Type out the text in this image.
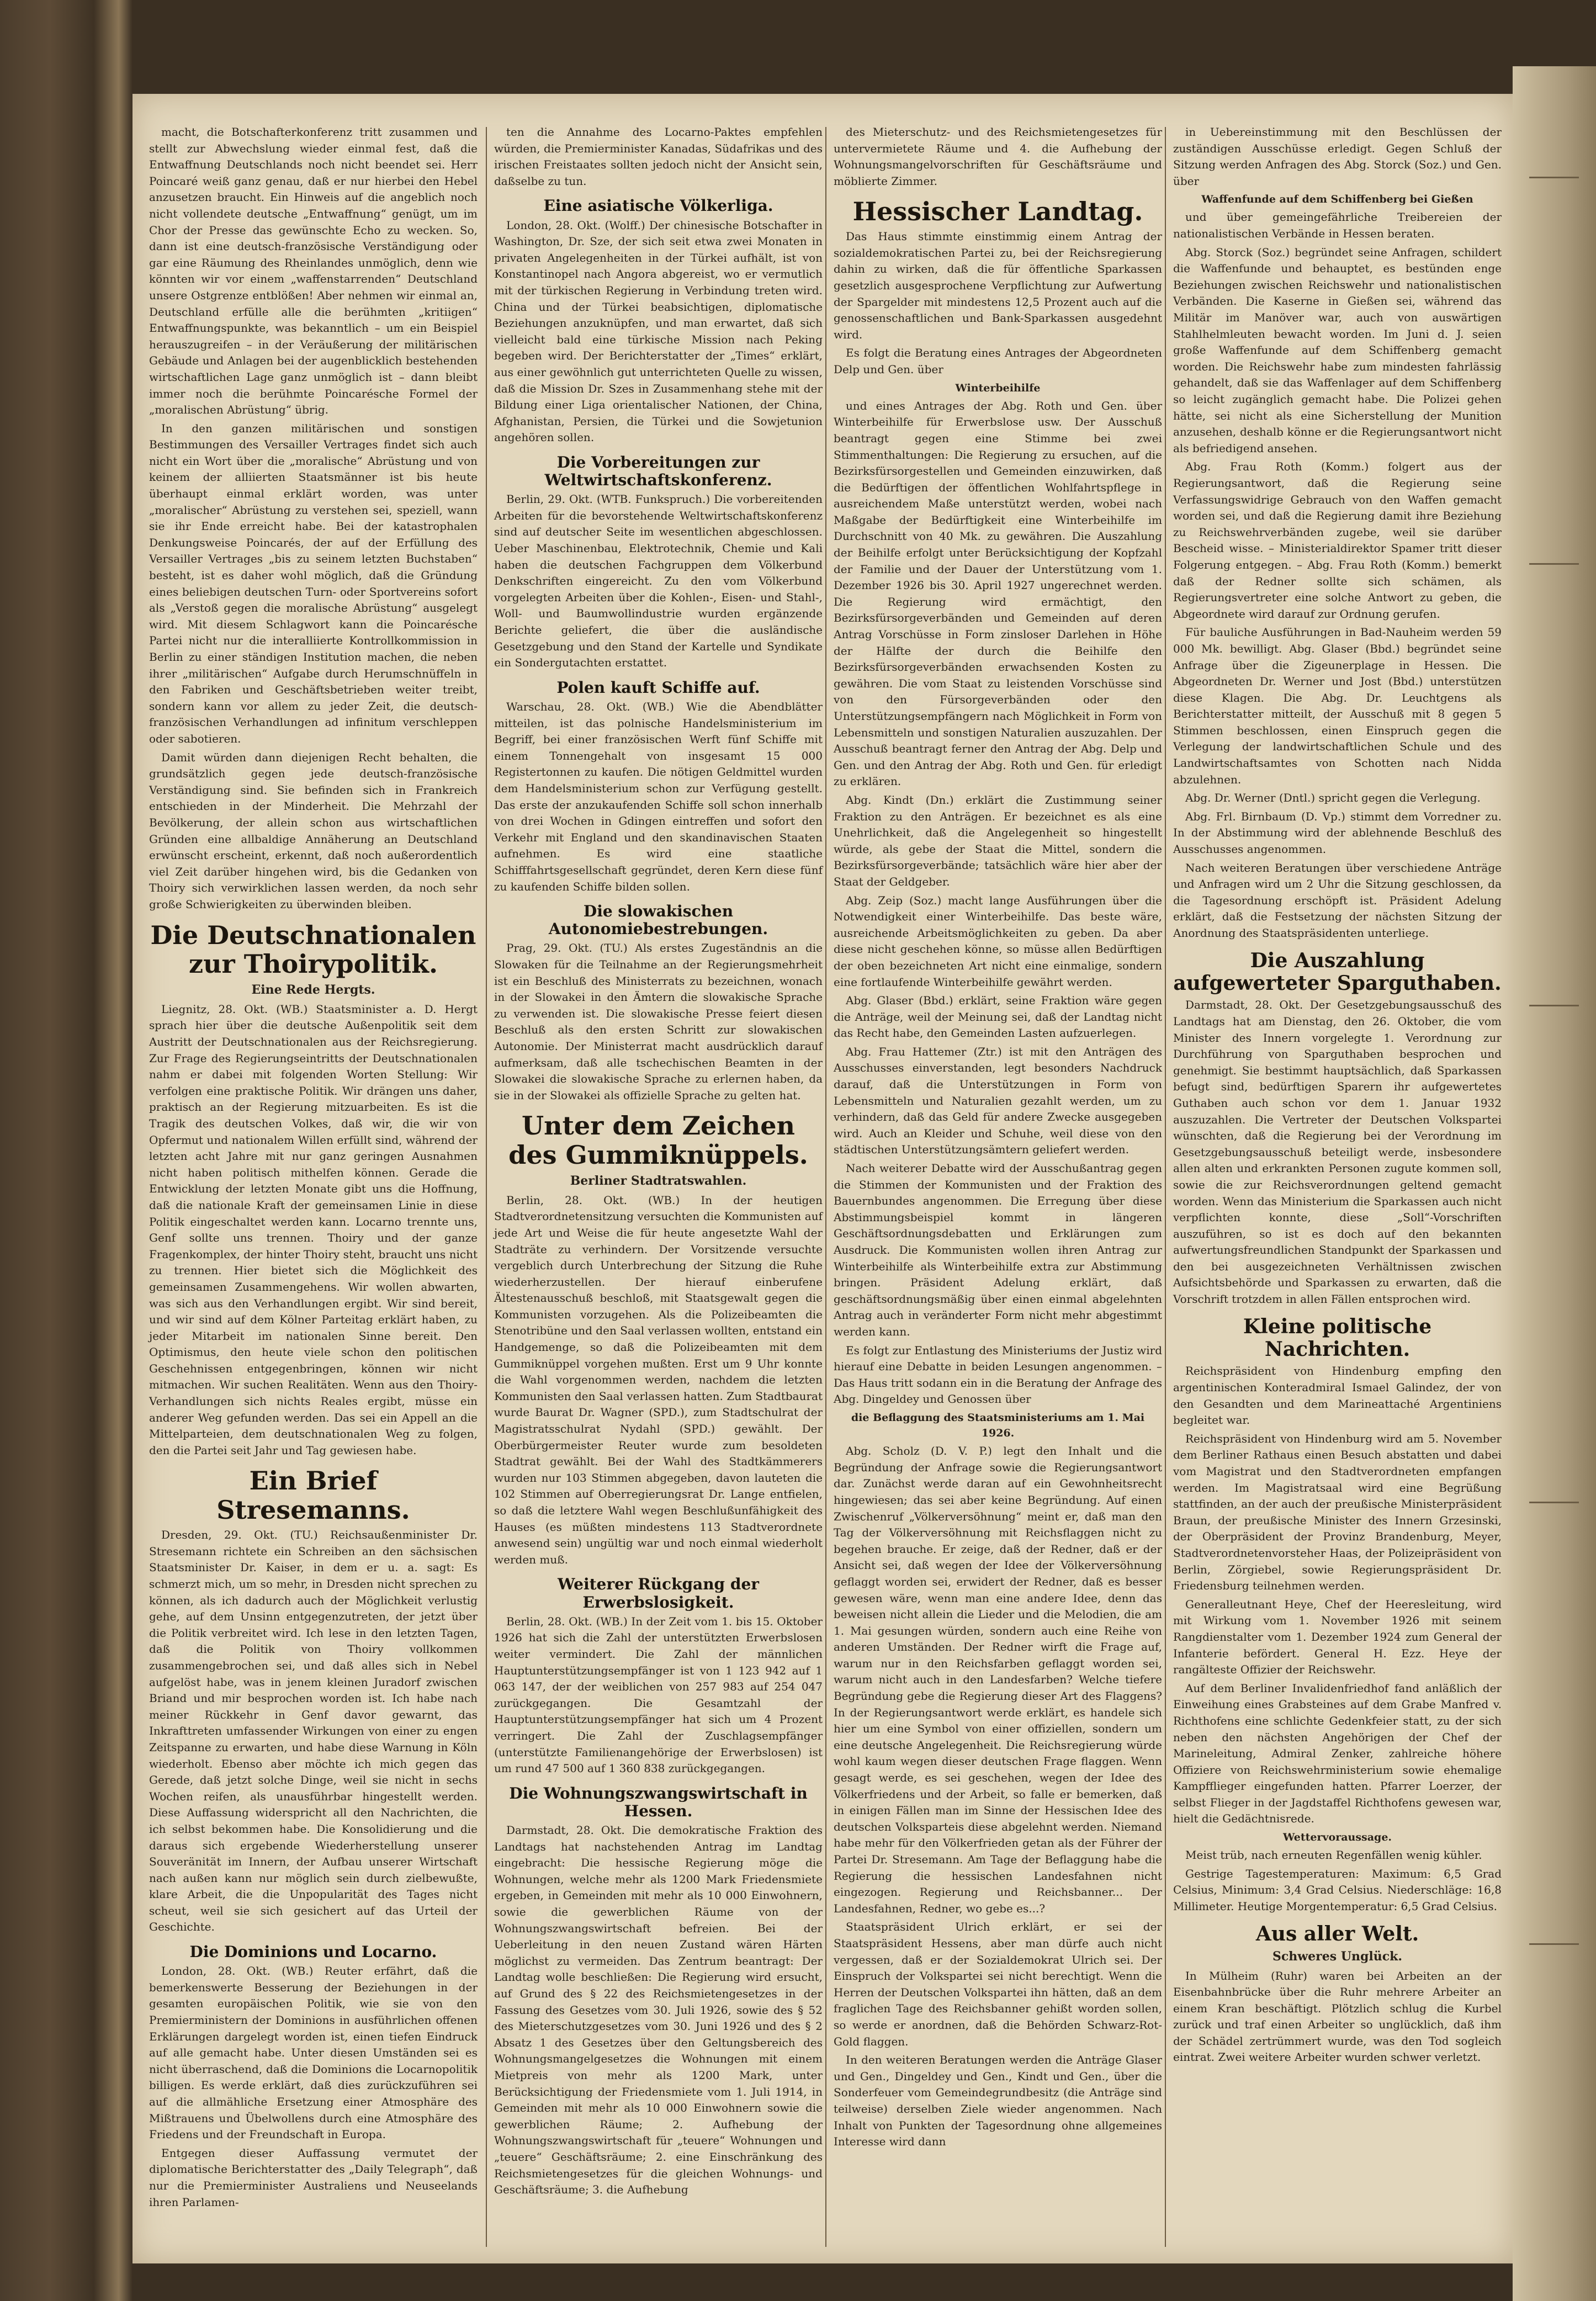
macht, die Botschafterkonferenz tritt zusammen und stellt zur Abwechslung wieder einmal fest, daß die Entwaffnung Deutschlands noch nicht beendet sei. Herr Poincaré weiß ganz genau, daß er nur hierbei den Hebel anzusetzen braucht. Ein Hinweis auf die angeblich noch nicht vollendete deutsche „Entwaffnung“ genügt, um im Chor der Presse das gewünschte Echo zu wecken. So, dann ist eine deutsch-französische Verständigung oder gar eine Räumung des Rheinlandes unmöglich, denn wie könnten wir vor einem „waffenstarrenden“ Deutschland unsere Ostgrenze entblößen! Aber nehmen wir einmal an, Deutschland erfülle alle die berühmten „kritiigen“ Entwaffnungspunkte, was bekanntlich – um ein Beispiel herauszugreifen – in der Veräußerung der militärischen Gebäude und Anlagen bei der augenblicklich bestehenden wirtschaftlichen Lage ganz unmöglich ist – dann bleibt immer noch die berühmte Poincarésche Formel der „moralischen Abrüstung“ übrig.

In den ganzen militärischen und sonstigen Bestimmungen des Versailler Vertrages findet sich auch nicht ein Wort über die „moralische“ Abrüstung und von keinem der alliierten Staatsmänner ist bis heute überhaupt einmal erklärt worden, was unter „moralischer“ Abrüstung zu verstehen sei, speziell, wann sie ihr Ende erreicht habe. Bei der katastrophalen Denkungsweise Poincarés, der auf der Erfüllung des Versailler Vertrages „bis zu seinem letzten Buchstaben“ besteht, ist es daher wohl möglich, daß die Gründung eines beliebigen deutschen Turn- oder Sportvereins sofort als „Verstoß gegen die moralische Abrüstung“ ausgelegt wird. Mit diesem Schlagwort kann die Poincarésche Partei nicht nur die interalliierte Kontrollkommission in Berlin zu einer ständigen Institution machen, die neben ihrer „militärischen“ Aufgabe durch Herumschnüffeln in den Fabriken und Geschäftsbetrieben weiter treibt, sondern kann vor allem zu jeder Zeit, die deutsch-französischen Verhandlungen ad infinitum verschleppen oder sabotieren.

Damit würden dann diejenigen Recht behalten, die grundsätzlich gegen jede deutsch-französische Verständigung sind. Sie befinden sich in Frankreich entschieden in der Minderheit. Die Mehrzahl der Bevölkerung, der allein schon aus wirtschaftlichen Gründen eine allbaldige Annäherung an Deutschland erwünscht erscheint, erkennt, daß noch außerordentlich viel Zeit darüber hingehen wird, bis die Gedanken von Thoiry sich verwirklichen lassen werden, da noch sehr große Schwierigkeiten zu überwinden bleiben.

Die Deutschnationalen zur Thoirypolitik.

Eine Rede Hergts.

Liegnitz, 28. Okt. (WB.) Staatsminister a. D. Hergt sprach hier über die deutsche Außenpolitik seit dem Austritt der Deutschnationalen aus der Reichsregierung. Zur Frage des Regierungseintritts der Deutschnationalen nahm er dabei mit folgenden Worten Stellung: Wir verfolgen eine praktische Politik. Wir drängen uns daher, praktisch an der Regierung mitzuarbeiten. Es ist die Tragik des deutschen Volkes, daß wir, die wir von Opfermut und nationalem Willen erfüllt sind, während der letzten acht Jahre mit nur ganz geringen Ausnahmen nicht haben politisch mithelfen können. Gerade die Entwicklung der letzten Monate gibt uns die Hoffnung, daß die nationale Kraft der gemeinsamen Linie in diese Politik eingeschaltet werden kann. Locarno trennte uns, Genf sollte uns trennen. Thoiry und der ganze Fragenkomplex, der hinter Thoiry steht, braucht uns nicht zu trennen. Hier bietet sich die Möglichkeit des gemeinsamen Zusammengehens. Wir wollen abwarten, was sich aus den Verhandlungen ergibt. Wir sind bereit, und wir sind auf dem Kölner Parteitag erklärt haben, zu jeder Mitarbeit im nationalen Sinne bereit. Den Optimismus, den heute viele schon den politischen Geschehnissen entgegenbringen, können wir nicht mitmachen. Wir suchen Realitäten. Wenn aus den Thoiry-Verhandlungen sich nichts Reales ergibt, müsse ein anderer Weg gefunden werden. Das sei ein Appell an die Mittelparteien, dem deutschnationalen Weg zu folgen, den die Partei seit Jahr und Tag gewiesen habe.

Ein Brief Stresemanns.

Dresden, 29. Okt. (TU.) Reichsaußenminister Dr. Stresemann richtete ein Schreiben an den sächsischen Staatsminister Dr. Kaiser, in dem er u. a. sagt: Es schmerzt mich, um so mehr, in Dresden nicht sprechen zu können, als ich dadurch auch der Möglichkeit verlustig gehe, auf dem Unsinn entgegenzutreten, der jetzt über die Politik verbreitet wird. Ich lese in den letzten Tagen, daß die Politik von Thoiry vollkommen zusammengebrochen sei, und daß alles sich in Nebel aufgelöst habe, was in jenem kleinen Juradorf zwischen Briand und mir besprochen worden ist. Ich habe nach meiner Rückkehr in Genf davor gewarnt, das Inkrafttreten umfassender Wirkungen von einer zu engen Zeitspanne zu erwarten, und habe diese Warnung in Köln wiederholt. Ebenso aber möchte ich mich gegen das Gerede, daß jetzt solche Dinge, weil sie nicht in sechs Wochen reifen, als unausführbar hingestellt werden. Diese Auffassung widerspricht all den Nachrichten, die ich selbst bekommen habe. Die Konsolidierung und die daraus sich ergebende Wiederherstellung unserer Souveränität im Innern, der Aufbau unserer Wirtschaft nach außen kann nur möglich sein durch zielbewußte, klare Arbeit, die die Unpopularität des Tages nicht scheut, weil sie sich gesichert auf das Urteil der Geschichte.

Die Dominions und Locarno.

London, 28. Okt. (WB.) Reuter erfährt, daß die bemerkenswerte Besserung der Beziehungen in der gesamten europäischen Politik, wie sie von den Premierministern der Dominions in ausführlichen offenen Erklärungen dargelegt worden ist, einen tiefen Eindruck auf alle gemacht habe. Unter diesen Umständen sei es nicht überraschend, daß die Dominions die Locarnopolitik billigen. Es werde erklärt, daß dies zurückzuführen sei auf die allmähliche Ersetzung einer Atmosphäre des Mißtrauens und Übelwollens durch eine Atmosphäre des Friedens und der Freundschaft in Europa.

Entgegen dieser Auffassung vermutet der diplomatische Berichterstatter des „Daily Telegraph“, daß nur die Premierminister Australiens und Neuseelands ihren Parlamen-

ten die Annahme des Locarno-Paktes empfehlen würden, die Premierminister Kanadas, Südafrikas und des irischen Freistaates sollten jedoch nicht der Ansicht sein, daßselbe zu tun.

Eine asiatische Völkerliga.

London, 28. Okt. (Wolff.) Der chinesische Botschafter in Washington, Dr. Sze, der sich seit etwa zwei Monaten in privaten Angelegenheiten in der Türkei aufhält, ist von Konstantinopel nach Angora abgereist, wo er vermutlich mit der türkischen Regierung in Verbindung treten wird. China und der Türkei beabsichtigen, diplomatische Beziehungen anzuknüpfen, und man erwartet, daß sich vielleicht bald eine türkische Mission nach Peking begeben wird. Der Berichterstatter der „Times“ erklärt, aus einer gewöhnlich gut unterrichteten Quelle zu wissen, daß die Mission Dr. Szes in Zusammenhang stehe mit der Bildung einer Liga orientalischer Nationen, der China, Afghanistan, Persien, die Türkei und die Sowjetunion angehören sollen.

Die Vorbereitungen zur Weltwirtschaftskonferenz.

Berlin, 29. Okt. (WTB. Funkspruch.) Die vorbereitenden Arbeiten für die bevorstehende Weltwirtschaftskonferenz sind auf deutscher Seite im wesentlichen abgeschlossen. Ueber Maschinenbau, Elektrotechnik, Chemie und Kali haben die deutschen Fachgruppen dem Völkerbund Denkschriften eingereicht. Zu den vom Völkerbund vorgelegten Arbeiten über die Kohlen-, Eisen- und Stahl-, Woll- und Baumwollindustrie wurden ergänzende Berichte geliefert, die über die ausländische Gesetzgebung und den Stand der Kartelle und Syndikate ein Sondergutachten erstattet.

Polen kauft Schiffe auf.

Warschau, 28. Okt. (WB.) Wie die Abendblätter mitteilen, ist das polnische Handelsministerium im Begriff, bei einer französischen Werft fünf Schiffe mit einem Tonnengehalt von insgesamt 15 000 Registertonnen zu kaufen. Die nötigen Geldmittel wurden dem Handelsministerium schon zur Verfügung gestellt. Das erste der anzukaufenden Schiffe soll schon innerhalb von drei Wochen in Gdingen eintreffen und sofort den Verkehr mit England und den skandinavischen Staaten aufnehmen. Es wird eine staatliche Schifffahrtsgesellschaft gegründet, deren Kern diese fünf zu kaufenden Schiffe bilden sollen.

Die slowakischen Autonomiebestrebungen.

Prag, 29. Okt. (TU.) Als erstes Zugeständnis an die Slowaken für die Teilnahme an der Regierungsmehrheit ist ein Beschluß des Ministerrats zu bezeichnen, wonach in der Slowakei in den Ämtern die slowakische Sprache zu verwenden ist. Die slowakische Presse feiert diesen Beschluß als den ersten Schritt zur slowakischen Autonomie. Der Ministerrat macht ausdrücklich darauf aufmerksam, daß alle tschechischen Beamten in der Slowakei die slowakische Sprache zu erlernen haben, da sie in der Slowakei als offizielle Sprache zu gelten hat.

Unter dem Zeichen des Gummiknüppels.

Berliner Stadtratswahlen.

Berlin, 28. Okt. (WB.) In der heutigen Stadtverordnetensitzung versuchten die Kommunisten auf jede Art und Weise die für heute angesetzte Wahl der Stadträte zu verhindern. Der Vorsitzende versuchte vergeblich durch Unterbrechung der Sitzung die Ruhe wiederherzustellen. Der hierauf einberufene Ältestenausschuß beschloß, mit Staatsgewalt gegen die Kommunisten vorzugehen. Als die Polizeibeamten die Stenotribüne und den Saal verlassen wollten, entstand ein Handgemenge, so daß die Polizeibeamten mit dem Gummiknüppel vorgehen mußten. Erst um 9 Uhr konnte die Wahl vorgenommen werden, nachdem die letzten Kommunisten den Saal verlassen hatten. Zum Stadtbaurat wurde Baurat Dr. Wagner (SPD.), zum Stadtschulrat der Magistratsschulrat Nydahl (SPD.) gewählt. Der Oberbürgermeister Reuter wurde zum besoldeten Stadtrat gewählt. Bei der Wahl des Stadtkämmerers wurden nur 103 Stimmen abgegeben, davon lauteten die 102 Stimmen auf Oberregierungsrat Dr. Lange entfielen, so daß die letztere Wahl wegen Beschlußunfähigkeit des Hauses (es müßten mindestens 113 Stadtverordnete anwesend sein) ungültig war und noch einmal wiederholt werden muß.

Weiterer Rückgang der Erwerbslosigkeit.

Berlin, 28. Okt. (WB.) In der Zeit vom 1. bis 15. Oktober 1926 hat sich die Zahl der unterstützten Erwerbslosen weiter vermindert. Die Zahl der männlichen Hauptunterstützungsempfänger ist von 1 123 942 auf 1 063 147, der der weiblichen von 257 983 auf 254 047 zurückgegangen. Die Gesamtzahl der Hauptunterstützungsempfänger hat sich um 4 Prozent verringert. Die Zahl der Zuschlagsempfänger (unterstützte Familienangehörige der Erwerbslosen) ist um rund 47 500 auf 1 360 838 zurückgegangen.

Die Wohnungszwangswirtschaft in Hessen.

Darmstadt, 28. Okt. Die demokratische Fraktion des Landtags hat nachstehenden Antrag im Landtag eingebracht: Die hessische Regierung möge die Wohnungen, welche mehr als 1200 Mark Friedensmiete ergeben, in Gemeinden mit mehr als 10 000 Einwohnern, sowie die gewerblichen Räume von der Wohnungszwangswirtschaft befreien. Bei der Ueberleitung in den neuen Zustand wären Härten möglichst zu vermeiden. Das Zentrum beantragt: Der Landtag wolle beschließen: Die Regierung wird ersucht, auf Grund des § 22 des Reichsmietengesetzes in der Fassung des Gesetzes vom 30. Juli 1926, sowie des § 52 des Mieterschutzgesetzes vom 30. Juni 1926 und des § 2 Absatz 1 des Gesetzes über den Geltungsbereich des Wohnungsmangelgesetzes die Wohnungen mit einem Mietpreis von mehr als 1200 Mark, unter Berücksichtigung der Friedensmiete vom 1. Juli 1914, in Gemeinden mit mehr als 10 000 Einwohnern sowie die gewerblichen Räume; 2. Aufhebung der Wohnungszwangswirtschaft für „teuere“ Wohnungen und „teuere“ Geschäftsräume; 2. eine Einschränkung des Reichsmietengesetzes für die gleichen Wohnungs- und Geschäftsräume; 3. die Aufhebung

des Mieterschutz- und des Reichsmietengesetzes für untervermietete Räume und 4. die Aufhebung der Wohnungsmangelvorschriften für Geschäftsräume und möblierte Zimmer.

Hessischer Landtag.

Das Haus stimmte einstimmig einem Antrag der sozialdemokratischen Partei zu, bei der Reichsregierung dahin zu wirken, daß die für öffentliche Sparkassen gesetzlich ausgesprochene Verpflichtung zur Aufwertung der Spargelder mit mindestens 12,5 Prozent auch auf die genossenschaftlichen und Bank-Sparkassen ausgedehnt wird.

Es folgt die Beratung eines Antrages der Abgeordneten Delp und Gen. über

Winterbeihilfe

und eines Antrages der Abg. Roth und Gen. über Winterbeihilfe für Erwerbslose usw. Der Ausschuß beantragt gegen eine Stimme bei zwei Stimmenthaltungen: Die Regierung zu ersuchen, auf die Bezirksfürsorgestellen und Gemeinden einzuwirken, daß die Bedürftigen der öffentlichen Wohlfahrtspflege in ausreichendem Maße unterstützt werden, wobei nach Maßgabe der Bedürftigkeit eine Winterbeihilfe im Durchschnitt von 40 Mk. zu gewähren. Die Auszahlung der Beihilfe erfolgt unter Berücksichtigung der Kopfzahl der Familie und der Dauer der Unterstützung vom 1. Dezember 1926 bis 30. April 1927 ungerechnet werden. Die Regierung wird ermächtigt, den Bezirksfürsorgeverbänden und Gemeinden auf deren Antrag Vorschüsse in Form zinsloser Darlehen in Höhe der Hälfte der durch die Beihilfe den Bezirksfürsorgeverbänden erwachsenden Kosten zu gewähren. Die vom Staat zu leistenden Vorschüsse sind von den Fürsorgeverbänden oder den Unterstützungsempfängern nach Möglichkeit in Form von Lebensmitteln und sonstigen Naturalien auszuzahlen. Der Ausschuß beantragt ferner den Antrag der Abg. Delp und Gen. und den Antrag der Abg. Roth und Gen. für erledigt zu erklären.

Abg. Kindt (Dn.) erklärt die Zustimmung seiner Fraktion zu den Anträgen. Er bezeichnet es als eine Unehrlichkeit, daß die Angelegenheit so hingestellt würde, als gebe der Staat die Mittel, sondern die Bezirksfürsorgeverbände; tatsächlich wäre hier aber der Staat der Geldgeber.

Abg. Zeip (Soz.) macht lange Ausführungen über die Notwendigkeit einer Winterbeihilfe. Das beste wäre, ausreichende Arbeitsmöglichkeiten zu geben. Da aber diese nicht geschehen könne, so müsse allen Bedürftigen der oben bezeichneten Art nicht eine einmalige, sondern eine fortlaufende Winterbeihilfe gewährt werden.

Abg. Glaser (Bbd.) erklärt, seine Fraktion wäre gegen die Anträge, weil der Meinung sei, daß der Landtag nicht das Recht habe, den Gemeinden Lasten aufzuerlegen.

Abg. Frau Hattemer (Ztr.) ist mit den Anträgen des Ausschusses einverstanden, legt besonders Nachdruck darauf, daß die Unterstützungen in Form von Lebensmitteln und Naturalien gezahlt werden, um zu verhindern, daß das Geld für andere Zwecke ausgegeben wird. Auch an Kleider und Schuhe, weil diese von den städtischen Unterstützungsämtern geliefert werden.

Nach weiterer Debatte wird der Ausschußantrag gegen die Stimmen der Kommunisten und der Fraktion des Bauernbundes angenommen. Die Erregung über diese Abstimmungsbeispiel kommt in längeren Geschäftsordnungsdebatten und Erklärungen zum Ausdruck. Die Kommunisten wollen ihren Antrag zur Winterbeihilfe als Winterbeihilfe extra zur Abstimmung bringen. Präsident Adelung erklärt, daß geschäftsordnungsmäßig über einen einmal abgelehnten Antrag auch in veränderter Form nicht mehr abgestimmt werden kann.

Es folgt zur Entlastung des Ministeriums der Justiz wird hierauf eine Debatte in beiden Lesungen angenommen. – Das Haus tritt sodann ein in die Beratung der Anfrage des Abg. Dingeldey und Genossen über

die Beflaggung des Staatsministeriums am 1. Mai 1926.

Abg. Scholz (D. V. P.) legt den Inhalt und die Begründung der Anfrage sowie die Regierungsantwort dar. Zunächst werde daran auf ein Gewohnheitsrecht hingewiesen; das sei aber keine Begründung. Auf einen Zwischenruf „Völkerversöhnung“ meint er, daß man den Tag der Völkerversöhnung mit Reichsflaggen nicht zu begehen brauche. Er zeige, daß der Redner, daß er der Ansicht sei, daß wegen der Idee der Völkerversöhnung geflaggt worden sei, erwidert der Redner, daß es besser gewesen wäre, wenn man eine andere Idee, denn das beweisen nicht allein die Lieder und die Melodien, die am 1. Mai gesungen würden, sondern auch eine Reihe von anderen Umständen. Der Redner wirft die Frage auf, warum nur in den Reichsfarben geflaggt worden sei, warum nicht auch in den Landesfarben? Welche tiefere Begründung gebe die Regierung dieser Art des Flaggens? In der Regierungsantwort werde erklärt, es handele sich hier um eine Symbol von einer offiziellen, sondern um eine deutsche Angelegenheit. Die Reichsregierung würde wohl kaum wegen dieser deutschen Frage flaggen. Wenn gesagt werde, es sei geschehen, wegen der Idee des Völkerfriedens und der Arbeit, so falle er bemerken, daß in einigen Fällen man im Sinne der Hessischen Idee des deutschen Volksparteis diese abgelehnt werden. Niemand habe mehr für den Völkerfrieden getan als der Führer der Partei Dr. Stresemann. Am Tage der Beflaggung habe die Regierung die hessischen Landesfahnen nicht eingezogen. Regierung und Reichsbanner... Der Landesfahnen, Redner, wo gebe es...?

Staatspräsident Ulrich erklärt, er sei der Staatspräsident Hessens, aber man dürfe auch nicht vergessen, daß er der Sozialdemokrat Ulrich sei. Der Einspruch der Volkspartei sei nicht berechtigt. Wenn die Herren der Deutschen Volkspartei ihn hätten, daß an dem fraglichen Tage des Reichsbanner gehißt worden sollen, so werde er anordnen, daß die Behörden Schwarz-Rot-Gold flaggen.

In den weiteren Beratungen werden die Anträge Glaser und Gen., Dingeldey und Gen., Kindt und Gen., über die Sonderfeuer vom Gemeindegrundbesitz (die Anträge sind teilweise) derselben Ziele wieder angenommen. Nach Inhalt von Punkten der Tagesordnung ohne allgemeines Interesse wird dann

in Uebereinstimmung mit den Beschlüssen der zuständigen Ausschüsse erledigt. Gegen Schluß der Sitzung werden Anfragen des Abg. Storck (Soz.) und Gen. über

Waffenfunde auf dem Schiffenberg bei Gießen

und über gemeingefährliche Treibereien der nationalistischen Verbände in Hessen beraten.

Abg. Storck (Soz.) begründet seine Anfragen, schildert die Waffenfunde und behauptet, es bestünden enge Beziehungen zwischen Reichswehr und nationalistischen Verbänden. Die Kaserne in Gießen sei, während das Militär im Manöver war, auch von auswärtigen Stahlhelmleuten bewacht worden. Im Juni d. J. seien große Waffenfunde auf dem Schiffenberg gemacht worden. Die Reichswehr habe zum mindesten fahrlässig gehandelt, daß sie das Waffenlager auf dem Schiffenberg so leicht zugänglich gemacht habe. Die Polizei gehen hätte, sei nicht als eine Sicherstellung der Munition anzusehen, deshalb könne er die Regierungsantwort nicht als befriedigend ansehen.

Abg. Frau Roth (Komm.) folgert aus der Regierungsantwort, daß die Regierung seine Verfassungswidrige Gebrauch von den Waffen gemacht worden sei, und daß die Regierung damit ihre Beziehung zu Reichswehrverbänden zugebe, weil sie darüber Bescheid wisse. – Ministerialdirektor Spamer tritt dieser Folgerung entgegen. – Abg. Frau Roth (Komm.) bemerkt daß der Redner sollte sich schämen, als Regierungsvertreter eine solche Antwort zu geben, die Abgeordnete wird darauf zur Ordnung gerufen.

Für bauliche Ausführungen in Bad-Nauheim werden 59 000 Mk. bewilligt. Abg. Glaser (Bbd.) begründet seine Anfrage über die Zigeunerplage in Hessen. Die Abgeordneten Dr. Werner und Jost (Bbd.) unterstützen diese Klagen. Die Abg. Dr. Leuchtgens als Berichterstatter mitteilt, der Ausschuß mit 8 gegen 5 Stimmen beschlossen, einen Einspruch gegen die Verlegung der landwirtschaftlichen Schule und des Landwirtschaftsamtes von Schotten nach Nidda abzulehnen.

Abg. Dr. Werner (Dntl.) spricht gegen die Verlegung.

Abg. Frl. Birnbaum (D. Vp.) stimmt dem Vorredner zu. In der Abstimmung wird der ablehnende Beschluß des Ausschusses angenommen.

Nach weiteren Beratungen über verschiedene Anträge und Anfragen wird um 2 Uhr die Sitzung geschlossen, da die Tagesordnung erschöpft ist. Präsident Adelung erklärt, daß die Festsetzung der nächsten Sitzung der Anordnung des Staatspräsidenten unterliege.

Die Auszahlung aufgewerteter Sparguthaben.

Darmstadt, 28. Okt. Der Gesetzgebungsausschuß des Landtags hat am Dienstag, den 26. Oktober, die vom Minister des Innern vorgelegte 1. Verordnung zur Durchführung von Sparguthaben besprochen und genehmigt. Sie bestimmt hauptsächlich, daß Sparkassen befugt sind, bedürftigen Sparern ihr aufgewertetes Guthaben auch schon vor dem 1. Januar 1932 auszuzahlen. Die Vertreter der Deutschen Volkspartei wünschten, daß die Regierung bei der Verordnung im Gesetzgebungsausschuß beteiligt werde, insbesondere allen alten und erkrankten Personen zugute kommen soll, sowie die zur Reichsverordnungen geltend gemacht worden. Wenn das Ministerium die Sparkassen auch nicht verpflichten konnte, diese „Soll“-Vorschriften auszuführen, so ist es doch auf den bekannten aufwertungsfreundlichen Standpunkt der Sparkassen und den bei ausgezeichneten Verhältnissen zwischen Aufsichtsbehörde und Sparkassen zu erwarten, daß die Vorschrift trotzdem in allen Fällen entsprochen wird.

Kleine politische Nachrichten.

Reichspräsident von Hindenburg empfing den argentinischen Konteradmiral Ismael Galindez, der von den Gesandten und dem Marineattaché Argentiniens begleitet war.

Reichspräsident von Hindenburg wird am 5. November dem Berliner Rathaus einen Besuch abstatten und dabei vom Magistrat und den Stadtverordneten empfangen werden. Im Magistratsaal wird eine Begrüßung stattfinden, an der auch der preußische Ministerpräsident Braun, der preußische Minister des Innern Grzesinski, der Oberpräsident der Provinz Brandenburg, Meyer, Stadtverordnetenvorsteher Haas, der Polizeipräsident von Berlin, Zörgiebel, sowie Regierungspräsident Dr. Friedensburg teilnehmen werden.

Generalleutnant Heye, Chef der Heeresleitung, wird mit Wirkung vom 1. November 1926 mit seinem Rangdienstalter vom 1. Dezember 1924 zum General der Infanterie befördert. General H. Ezz. Heye der rangälteste Offizier der Reichswehr.

Auf dem Berliner Invalidenfriedhof fand anläßlich der Einweihung eines Grabsteines auf dem Grabe Manfred v. Richthofens eine schlichte Gedenkfeier statt, zu der sich neben den nächsten Angehörigen der Chef der Marineleitung, Admiral Zenker, zahlreiche höhere Offiziere von Reichswehrministerium sowie ehemalige Kampfflieger eingefunden hatten. Pfarrer Loerzer, der selbst Flieger in der Jagdstaffel Richthofens gewesen war, hielt die Gedächtnisrede.

Wettervoraussage.

Meist trüb, nach erneuten Regenfällen wenig kühler.

Gestrige Tagestemperaturen: Maximum: 6,5 Grad Celsius, Minimum: 3,4 Grad Celsius. Niederschläge: 16,8 Millimeter. Heutige Morgentemperatur: 6,5 Grad Celsius.

Aus aller Welt.

Schweres Unglück.

In Mülheim (Ruhr) waren bei Arbeiten an der Eisenbahnbrücke über die Ruhr mehrere Arbeiter an einem Kran beschäftigt. Plötzlich schlug die Kurbel zurück und traf einen Arbeiter so unglücklich, daß ihm der Schädel zertrümmert wurde, was den Tod sogleich eintrat. Zwei weitere Arbeiter wurden schwer verletzt.
